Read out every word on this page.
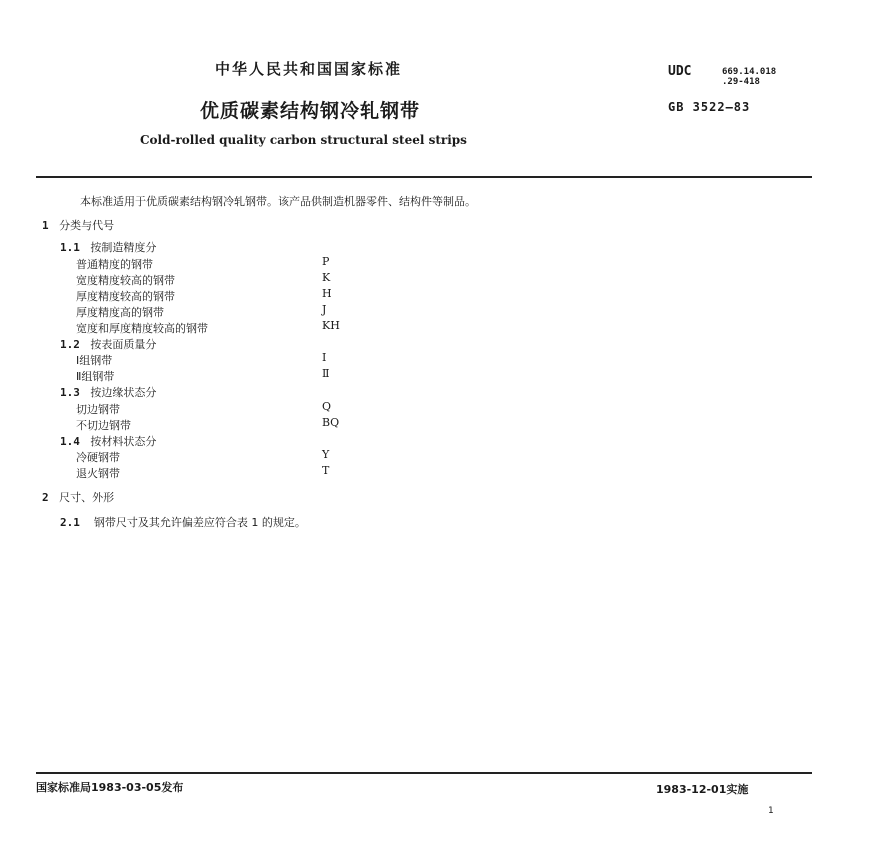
中华人民共和国国家标准	UDC	669.14.018
.29-418
GB 3522—83
优质碳素结构钢冷轧钢带
Cold-rolled quality carbon structural steel strips
本标准适用于优质碳素结构钢冷轧钢带。该产品供制造机器零件、结构件等制品。
1 分类与代号
1.1 按制造精度分
普通精度的钢带	P
宽度精度较高的钢带	K
厚度精度较高的钢带	H
厚度精度高的钢带	J
宽度和厚度精度较高的钢带	KH
1.2 按表面质量分
Ⅰ组钢带	Ⅰ
Ⅱ组钢带	Ⅱ
1.3 按边缘状态分
切边钢带	Q
不切边钢带	BQ
1.4 按材料状态分
冷硬钢带	Y
退火钢带	T
2 尺寸、外形
2.1 钢带尺寸及其允许偏差应符合表 1 的规定。
国家标准局1983-03-05发布	1983-12-01实施
1
